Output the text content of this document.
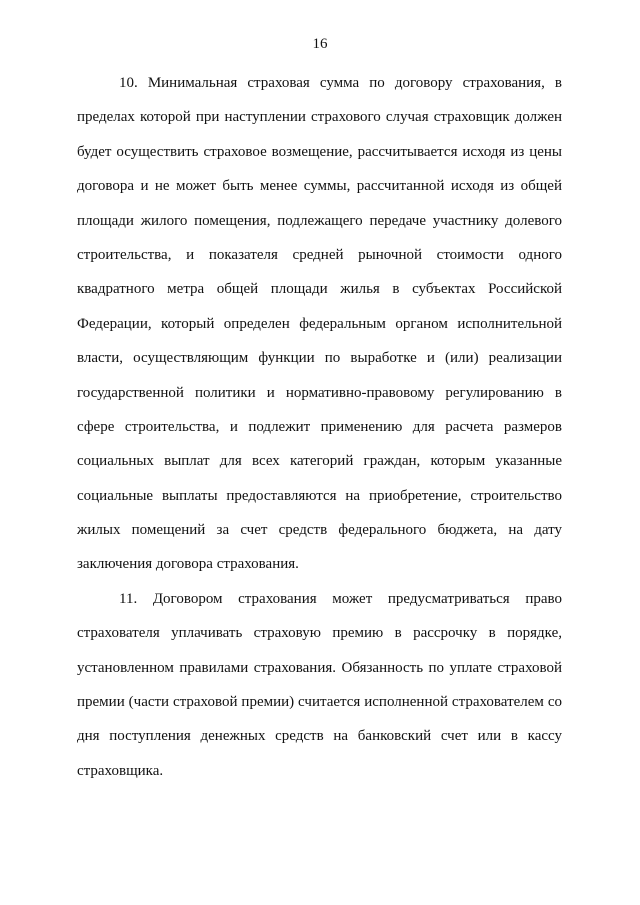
16
10. Минимальная страховая сумма по договору страхования, в
пределах которой при наступлении страхового случая страховщик должен
будет осуществить страховое возмещение, рассчитывается исходя из цены
договора и не может быть менее суммы, рассчитанной исходя из общей
площади жилого помещения, подлежащего передаче участнику долевого
строительства, и показателя средней рыночной стоимости одного
квадратного метра общей площади жилья в субъектах Российской
Федерации, который определен федеральным органом исполнительной
власти, осуществляющим функции по выработке и (или) реализации
государственной политики и нормативно-правовому регулированию в
сфере строительства, и подлежит применению для расчета размеров
социальных выплат для всех категорий граждан, которым указанные
социальные выплаты предоставляются на приобретение, строительство
жилых помещений за счет средств федерального бюджета, на дату
заключения договора страхования.
11. Договором страхования может предусматриваться право
страхователя уплачивать страховую премию в рассрочку в порядке,
установленном правилами страхования. Обязанность по уплате страховой
премии (части страховой премии) считается исполненной страхователем со
дня поступления денежных средств на банковский счет или в кассу
страховщика.
